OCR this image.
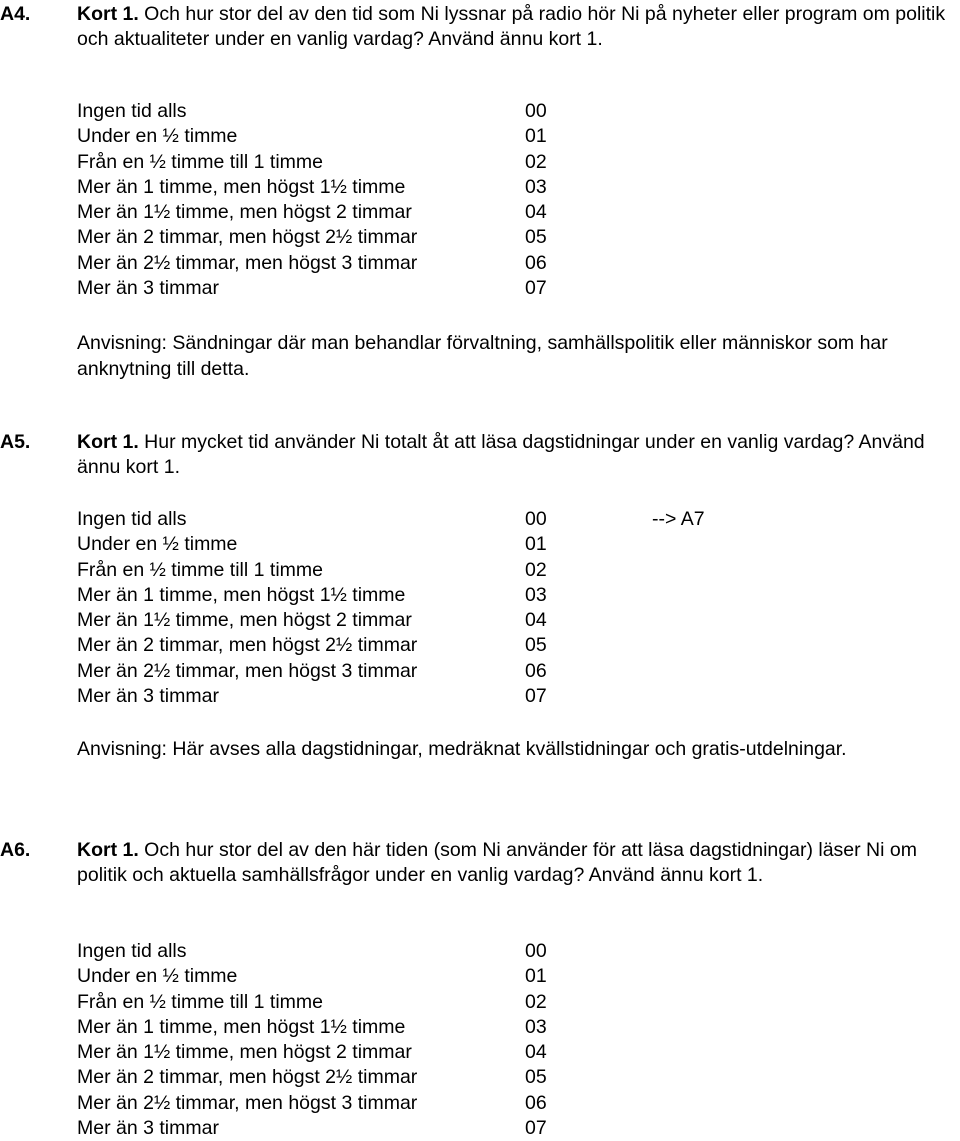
A4. Kort 1. Och hur stor del av den tid som Ni lyssnar på radio hör Ni på nyheter eller program om politik och aktualiteter under en vanlig vardag? Använd ännu kort 1.
Ingen tid alls	00
Under en ½ timme	01
Från en ½ timme till 1 timme	02
Mer än 1 timme, men högst 1½ timme	03
Mer än 1½ timme, men högst 2 timmar	04
Mer än 2 timmar, men högst 2½ timmar	05
Mer än 2½ timmar, men högst 3 timmar	06
Mer än 3 timmar	07
Anvisning: Sändningar där man behandlar förvaltning, samhällspolitik eller människor som har anknytning till detta.
A5. Kort 1. Hur mycket tid använder Ni totalt åt att läsa dagstidningar under en vanlig vardag? Använd ännu kort 1.
Ingen tid alls	00	--> A7
Under en ½ timme	01
Från en ½ timme till 1 timme	02
Mer än 1 timme, men högst 1½ timme	03
Mer än 1½ timme, men högst 2 timmar	04
Mer än 2 timmar, men högst 2½ timmar	05
Mer än 2½ timmar, men högst 3 timmar	06
Mer än 3 timmar	07
Anvisning: Här avses alla dagstidningar, medräknat kvällstidningar och gratis-utdelningar.
A6. Kort 1. Och hur stor del av den här tiden (som Ni använder för att läsa dagstidningar) läser Ni om politik och aktuella samhällsfrågor under en vanlig vardag? Använd ännu kort 1.
Ingen tid alls	00
Under en ½ timme	01
Från en ½ timme till 1 timme	02
Mer än 1 timme, men högst 1½ timme	03
Mer än 1½ timme, men högst 2 timmar	04
Mer än 2 timmar, men högst 2½ timmar	05
Mer än 2½ timmar, men högst 3 timmar	06
Mer än 3 timmar	07
